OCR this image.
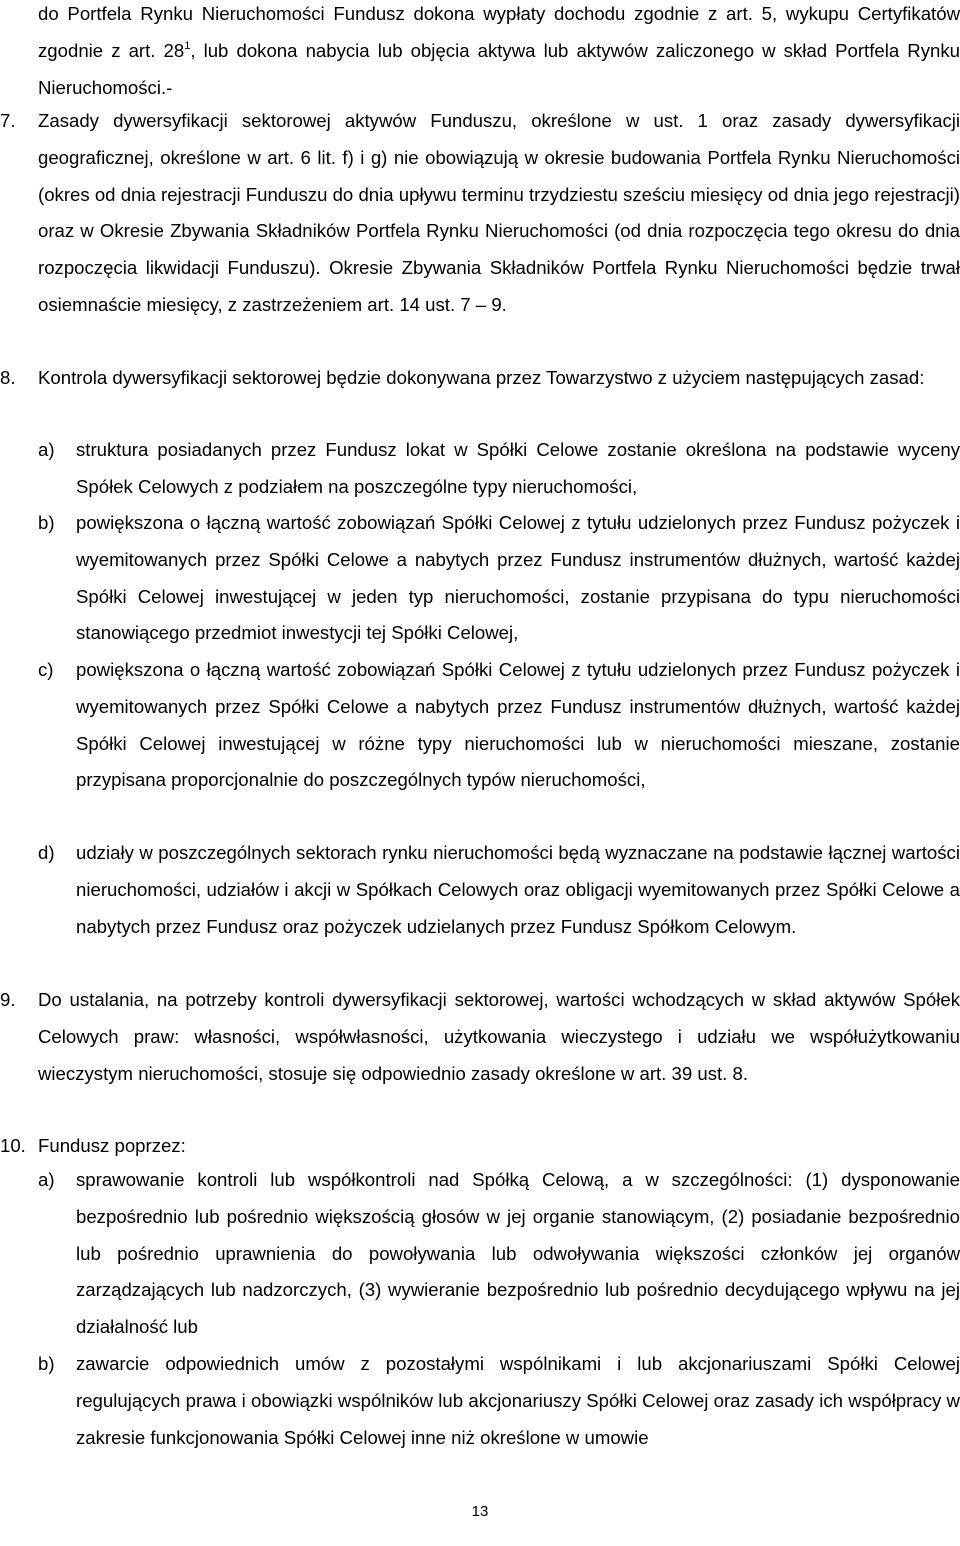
do Portfela Rynku Nieruchomości Fundusz dokona wypłaty dochodu zgodnie z art. 5, wykupu Certyfikatów zgodnie z art. $28^1$, lub dokona nabycia lub objęcia aktywa lub aktywów zaliczonego w skład Portfela Rynku Nieruchomości.-

7. Zasady dywersyfikacji sektorowej aktywów Funduszu, określone w ust. 1 oraz zasady dywersyfikacji geograficznej, określone w art. 6 lit. f) i g) nie obowiązują w okresie budowania Portfela Rynku Nieruchomości (okres od dnia rejestracji Funduszu do dnia upływu terminu trzydziestu sześciu miesięcy od dnia jego rejestracji) oraz w Okresie Zbywania Składników Portfela Rynku Nieruchomości (od dnia rozpoczęcia tego okresu do dnia rozpoczęcia likwidacji Funduszu). Okresie Zbywania Składników Portfela Rynku Nieruchomości będzie trwał osiemnaście miesięcy, z zastrzeżeniem art. 14 ust. 7 – 9.

8. Kontrola dywersyfikacji sektorowej będzie dokonywana przez Towarzystwo z użyciem następujących zasad:

a) struktura posiadanych przez Fundusz lokat w Spółki Celowe zostanie określona na podstawie wyceny Spółek Celowych z podziałem na poszczególne typy nieruchomości,

b) powiększona o łączną wartość zobowiązań Spółki Celowej z tytułu udzielonych przez Fundusz pożyczek i wyemitowanych przez Spółki Celowe a nabytych przez Fundusz instrumentów dłużnych, wartość każdej Spółki Celowej inwestującej w jeden typ nieruchomości, zostanie przypisana do typu nieruchomości stanowiącego przedmiot inwestycji tej Spółki Celowej,

c) powiększona o łączną wartość zobowiązań Spółki Celowej z tytułu udzielonych przez Fundusz pożyczek i wyemitowanych przez Spółki Celowe a nabytych przez Fundusz instrumentów dłużnych, wartość każdej Spółki Celowej inwestującej w różne typy nieruchomości lub w nieruchomości mieszane, zostanie przypisana proporcjonalnie do poszczególnych typów nieruchomości,

d) udziały w poszczególnych sektorach rynku nieruchomości będą wyznaczane na podstawie łącznej wartości nieruchomości, udziałów i akcji w Spółkach Celowych oraz obligacji wyemitowanych przez Spółki Celowe a nabytych przez Fundusz oraz pożyczek udzielanych przez Fundusz Spółkom Celowym.

9. Do ustalania, na potrzeby kontroli dywersyfikacji sektorowej, wartości wchodzących w skład aktywów Spółek Celowych praw: własności, współwłasności, użytkowania wieczystego i udziału we współużytkowaniu wieczystym nieruchomości, stosuje się odpowiednio zasady określone w art. 39 ust. 8.

10. Fundusz poprzez:

a) sprawowanie kontroli lub współkontroli nad Spółką Celową, a w szczególności: (1) dysponowanie bezpośrednio lub pośrednio większością głosów w jej organie stanowiącym, (2) posiadanie bezpośrednio lub pośrednio uprawnienia do powoływania lub odwoływania większości członków jej organów zarządzających lub nadzorczych, (3) wywieranie bezpośrednio lub pośrednio decydującego wpływu na jej działalność lub

b) zawarcie odpowiednich umów z pozostałymi wspólnikami i lub akcjonariuszami Spółki Celowej regulujących prawa i obowiązki wspólników lub akcjonariuszy Spółki Celowej oraz zasady ich współpracy w zakresie funkcjonowania Spółki Celowej inne niż określone w umowie

13
